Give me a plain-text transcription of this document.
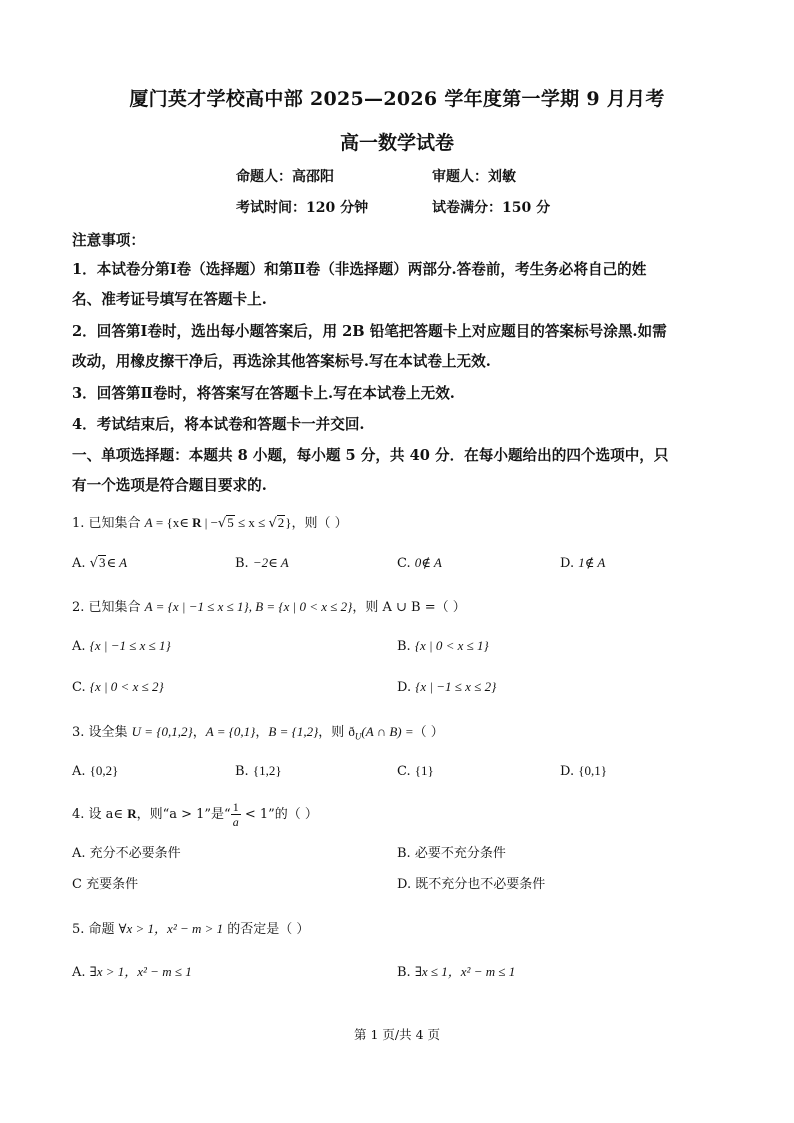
厦门英才学校高中部 2025—2026 学年度第一学期 9 月月考
高一数学试卷
命题人：高邵阳	审题人：刘敏
考试时间：120 分钟	试卷满分：150 分
注意事项：
1．本试卷分第Ⅰ卷（选择题）和第Ⅱ卷（非选择题）两部分.答卷前，考生务必将自己的姓
名、准考证号填写在答题卡上.
2．回答第Ⅰ卷时，选出每小题答案后，用 2B 铅笔把答题卡上对应题目的答案标号涂黑.如需
改动，用橡皮擦干净后，再选涂其他答案标号.写在本试卷上无效.
3．回答第Ⅱ卷时，将答案写在答题卡上.写在本试卷上无效.
4．考试结束后，将本试卷和答题卡一并交回.
一、单项选择题：本题共 8 小题，每小题 5 分，共 40 分．在每小题给出的四个选项中，只
有一个选项是符合题目要求的.
1. 已知集合 A = {x∈ R | −√5 ≤ x ≤ √2}，则（ ）
A. √3∈ A	B. −2∈ A	C. 0∉ A	D. 1∉ A
2. 已知集合 A = {x | −1 ≤ x ≤ 1}, B = {x | 0 < x ≤ 2}，则 A ∪ B =（ ）
A. {x | −1 ≤ x ≤ 1}	B. {x | 0 < x ≤ 1}
C. {x | 0 < x ≤ 2}	D. {x | −1 ≤ x ≤ 2}
3. 设全集 U = {0,1,2}，A = {0,1}，B = {1,2}，则 $ð_U(A$ ∩ B) =（ ）
A. {0,2}	B. {1,2}	C. {1}	D. {0,1}
4. 设 a∈ R，则“a > 1”是“ $\frac{1}{a} < 1$”的（ ）
A. 充分不必要条件	B. 必要不充分条件
C 充要条件	D. 既不充分也不必要条件
5. 命题 ∀x > 1，x² − m > 1 的否定是（ ）
A. ∃x > 1，x² − m ≤ 1	B. ∃x ≤ 1，x² − m ≤ 1
第 1 页/共 4 页
